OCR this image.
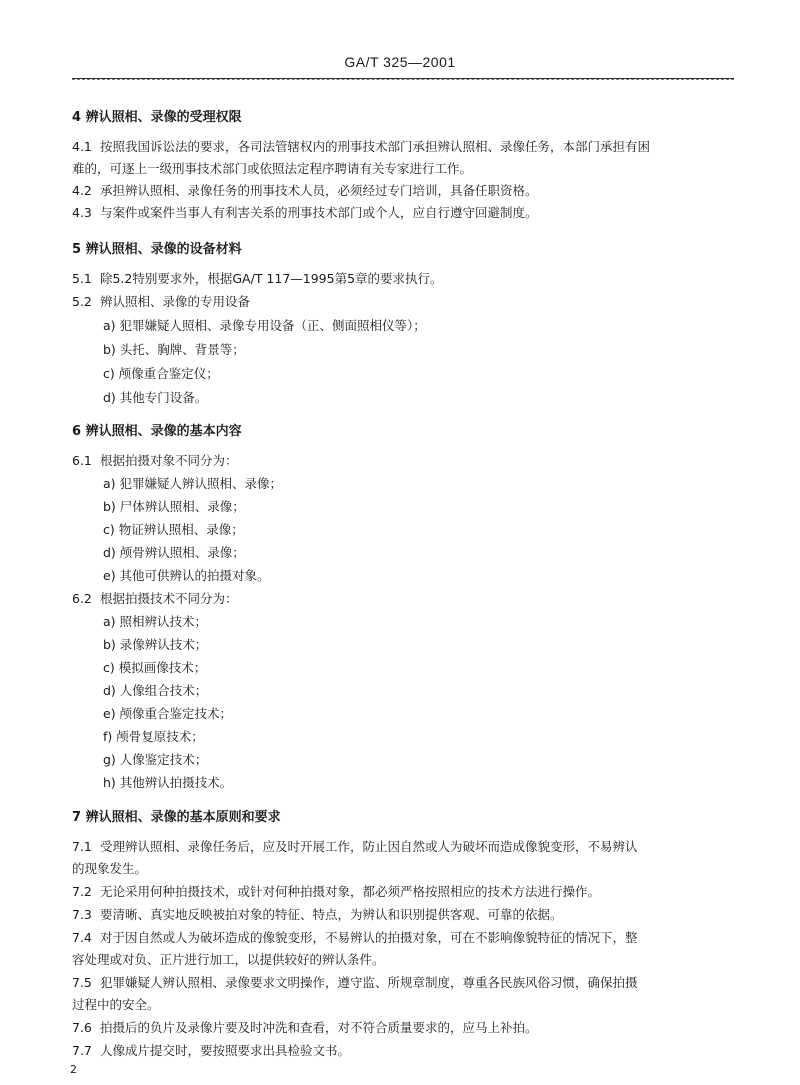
GA/T 325—2001
4 辨认照相、录像的受理权限
4.1 按照我国诉讼法的要求，各司法管辖权内的刑事技术部门承担辨认照相、录像任务，本部门承担有困
难的，可逐上一级刑事技术部门或依照法定程序聘请有关专家进行工作。
4.2 承担辨认照相、录像任务的刑事技术人员，必须经过专门培训，具备任职资格。
4.3 与案件或案件当事人有利害关系的刑事技术部门或个人，应自行遵守回避制度。
5 辨认照相、录像的设备材料
5.1 除5.2特别要求外，根据GA/T 117—1995第5章的要求执行。
5.2 辨认照相、录像的专用设备
a) 犯罪嫌疑人照相、录像专用设备（正、侧面照相仪等）；
b) 头托、胸牌、背景等；
c) 颅像重合鉴定仪；
d) 其他专门设备。
6 辨认照相、录像的基本内容
6.1 根据拍摄对象不同分为：
a) 犯罪嫌疑人辨认照相、录像；
b) 尸体辨认照相、录像；
c) 物证辨认照相、录像；
d) 颅骨辨认照相、录像；
e) 其他可供辨认的拍摄对象。
6.2 根据拍摄技术不同分为：
a) 照相辨认技术；
b) 录像辨认技术；
c) 模拟画像技术；
d) 人像组合技术；
e) 颅像重合鉴定技术；
f) 颅骨复原技术；
g) 人像鉴定技术；
h) 其他辨认拍摄技术。
7 辨认照相、录像的基本原则和要求
7.1 受理辨认照相、录像任务后，应及时开展工作，防止因自然或人为破坏而造成像貌变形，不易辨认
的现象发生。
7.2 无论采用何种拍摄技术，或针对何种拍摄对象，都必须严格按照相应的技术方法进行操作。
7.3 要清晰、真实地反映被拍对象的特征、特点，为辨认和识别提供客观、可靠的依据。
7.4 对于因自然或人为破坏造成的像貌变形，不易辨认的拍摄对象，可在不影响像貌特征的情况下，整
容处理或对负、正片进行加工，以提供较好的辨认条件。
7.5 犯罪嫌疑人辨认照相、录像要求文明操作，遵守监、所规章制度，尊重各民族风俗习惯，确保拍摄
过程中的安全。
7.6 拍摄后的负片及录像片要及时冲洗和查看，对不符合质量要求的，应马上补拍。
7.7 人像成片提交时，要按照要求出具检验文书。
2
